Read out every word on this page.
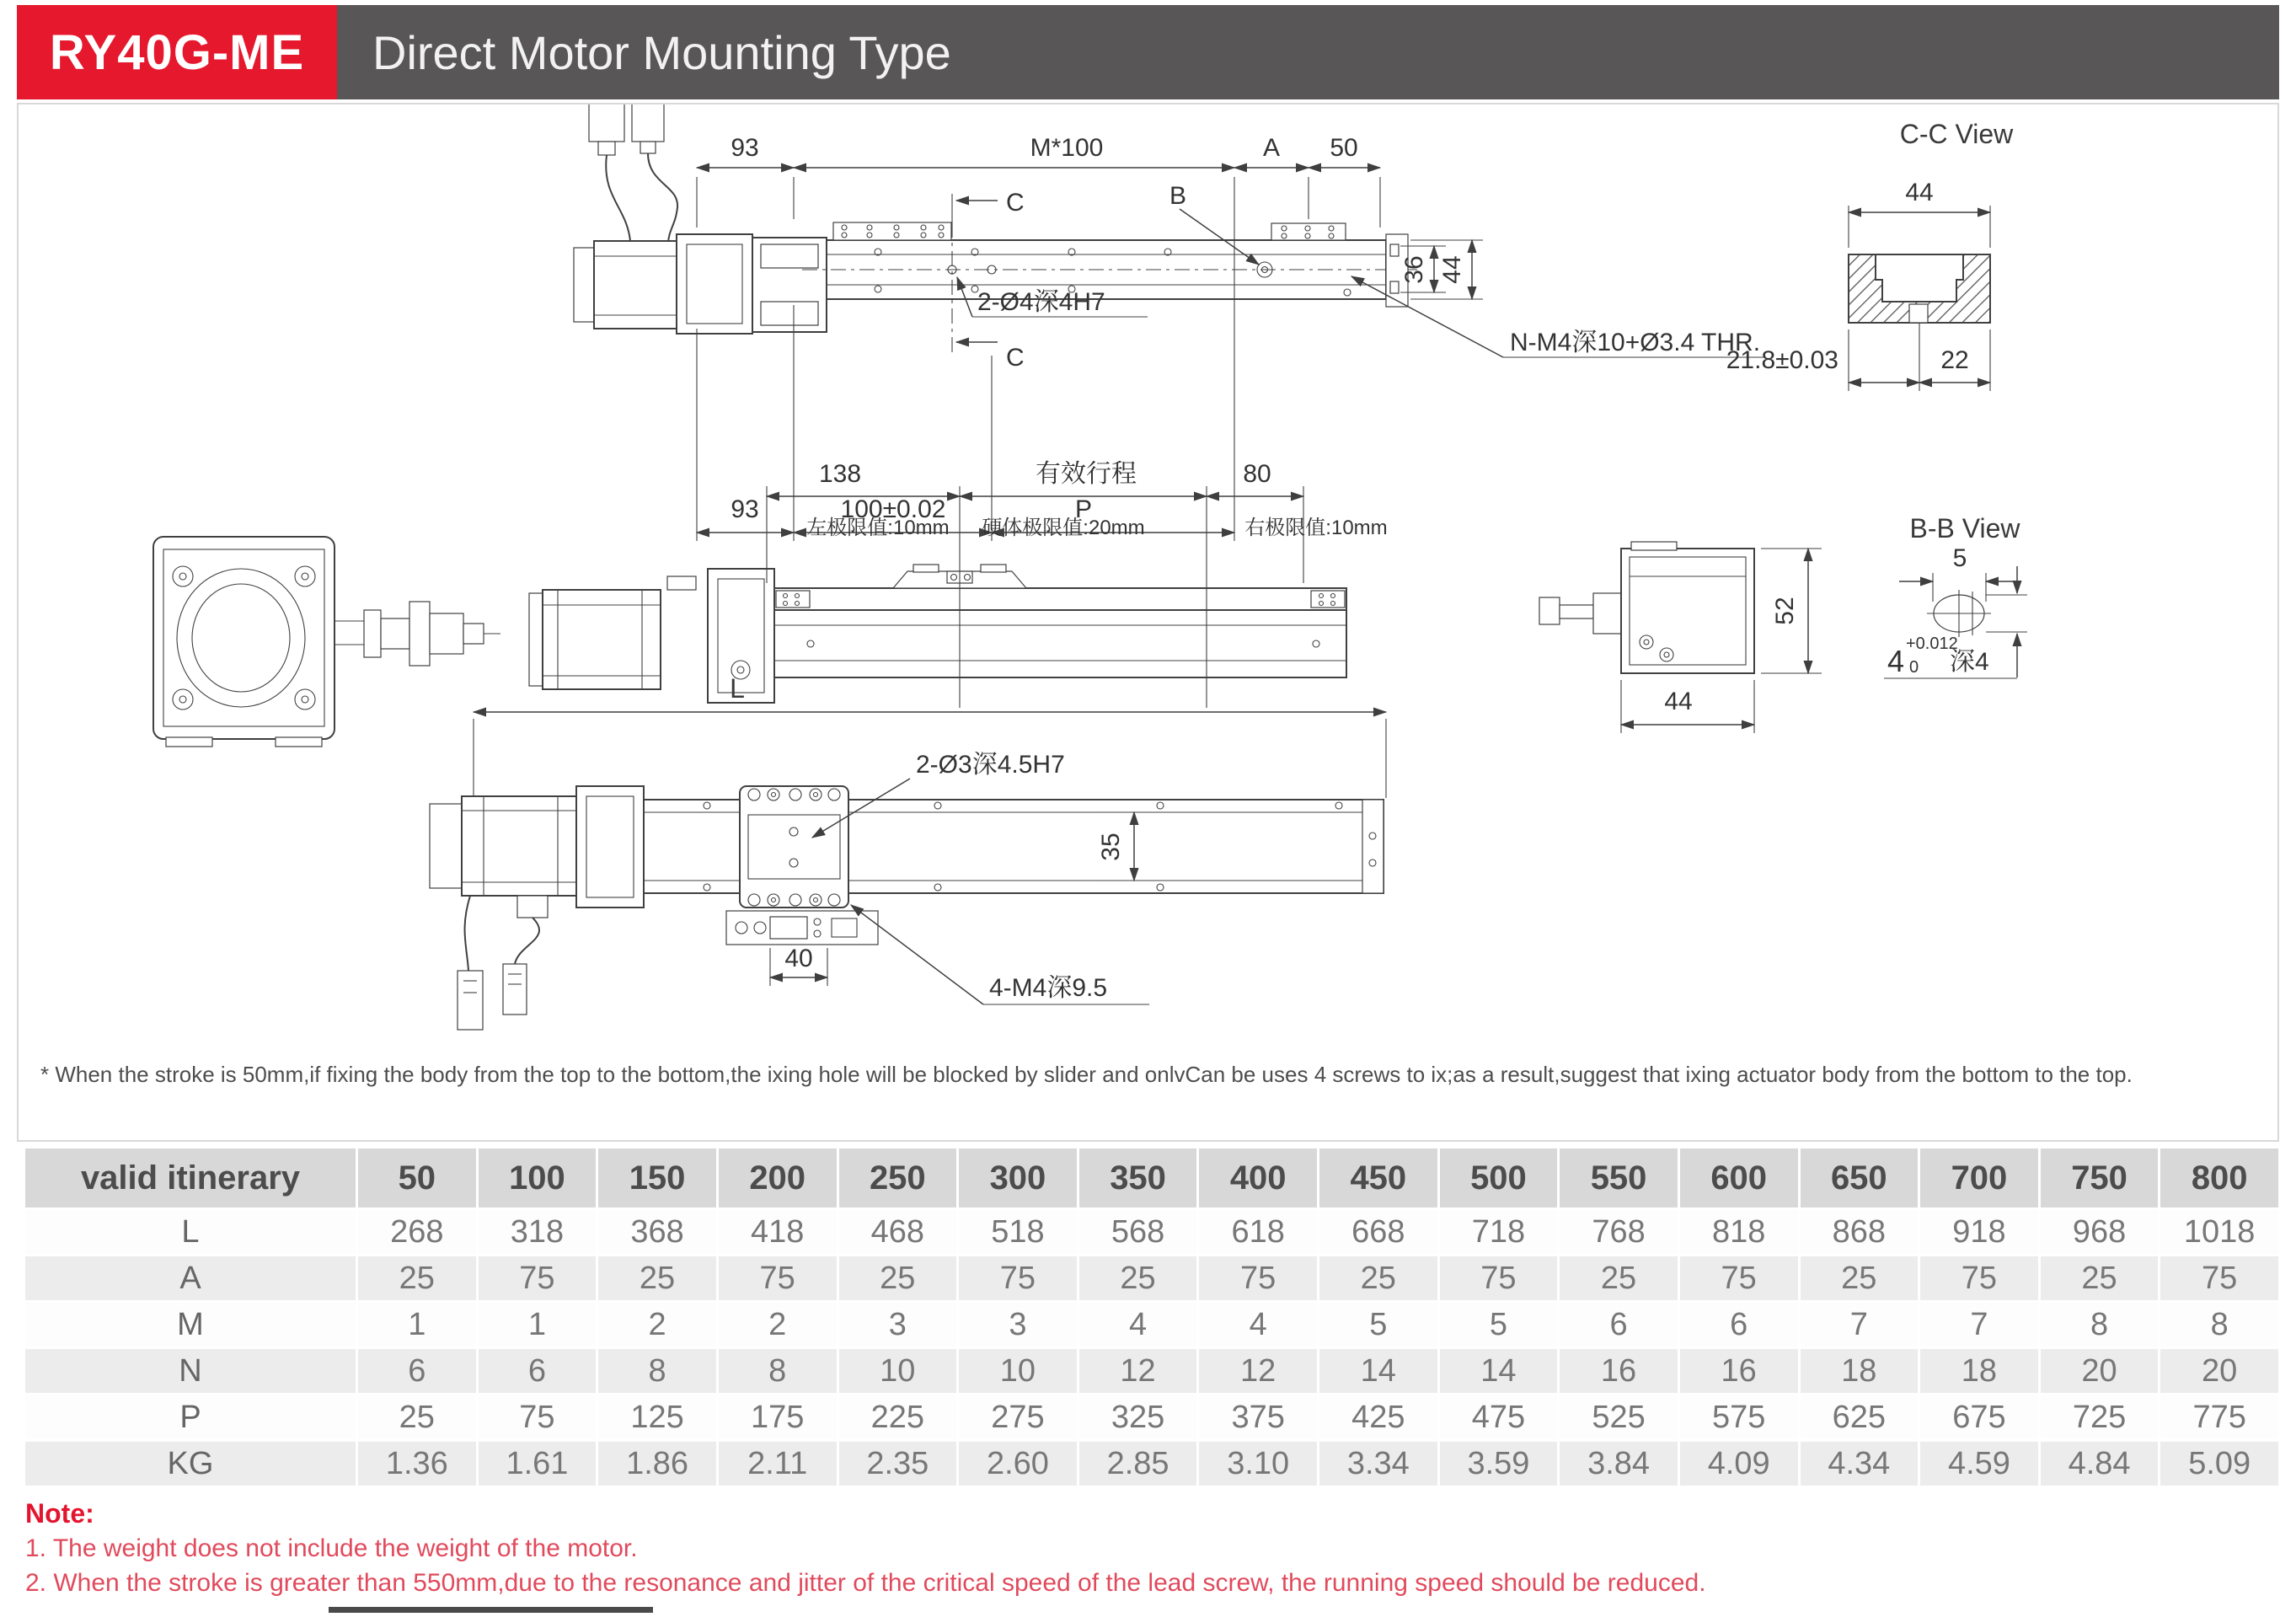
RY40G-ME	Direct Motor Mounting Type
C
C
93	M*100	A 50
B
36 44
93	100±0.02	P
2-Ø4深4H7
N-M4深10+Ø3.4 THR.
C-C View
44
21.8±0.03	22
138	有效行程	80
左极限值:10mm 硬体极限值:20mm	右极限值:10mm
52
44
B-B View
5
4 +0.012
0 深4
L
35
40
2-Ø3深4.5H7
4-M4深9.5
* When the stroke is 50mm,if fixing the body from the top to the bottom,the ixing hole will be blocked by slider and onlvCan be uses 4 screws to ix;as a result,suggest that ixing actuator body from the bottom to the top.
valid itinerary	50	100	150	200	250	300	350	400	450	500	550	600	650	700	750	800
L	268	318	368	418	468	518	568	618	668	718	768	818	868	918	968	1018
A	25	75	25	75	25	75	25	75	25	75	25	75	25	75	25	75
M	1	1	2	2	3	3	4	4	5	5	6	6	7	7	8	8
N	6	6	8	8	10	10	12	12	14	14	16	16	18	18	20	20
P	25	75	125	175	225	275	325	375	425	475	525	575	625	675	725	775
KG	1.36	1.61	1.86	2.11	2.35	2.60	2.85	3.10	3.34	3.59	3.84	4.09	4.34	4.59	4.84	5.09

Note:

1. The weight does not include the weight of the motor.

2. When the stroke is greater than 550mm,due to the resonance and jitter of the critical speed of the lead screw, the running speed should be reduced.
